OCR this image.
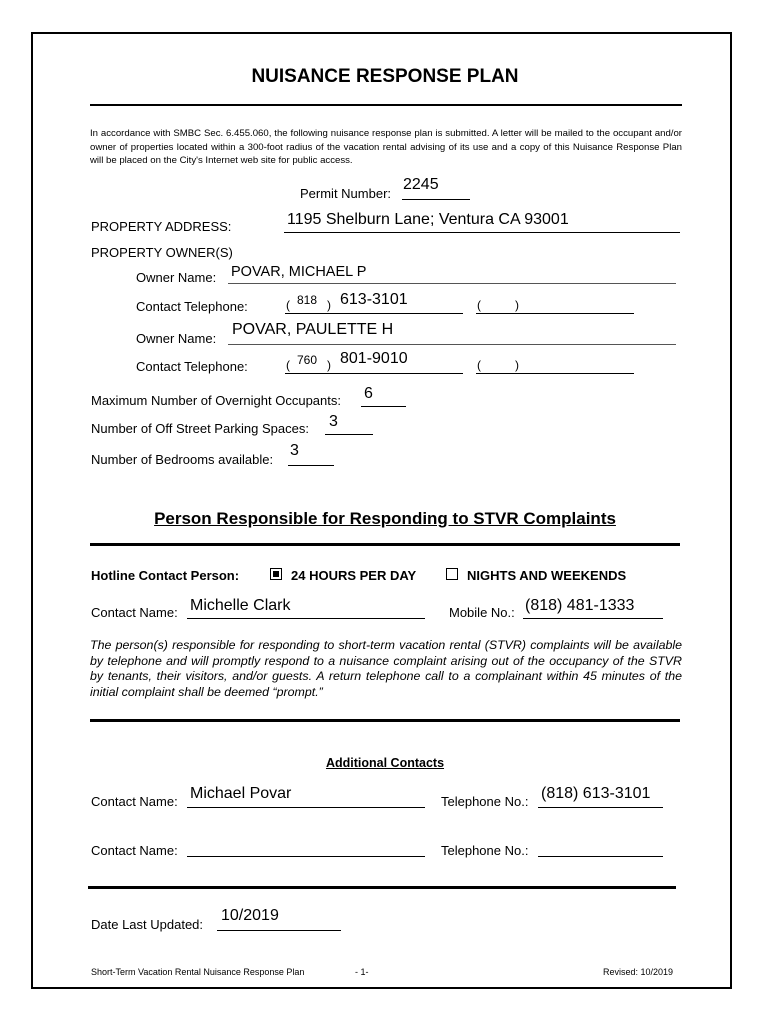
NUISANCE RESPONSE PLAN
In accordance with SMBC Sec. 6.455.060, the following nuisance response plan is submitted. A letter will be mailed to the occupant and/or owner of properties located within a 300-foot radius of the vacation rental advising of its use and a copy of this Nuisance Response Plan will be placed on the City's Internet web site for public access.
Permit Number:
2245
PROPERTY ADDRESS:	1195 Shelburn Lane; Ventura CA 93001
PROPERTY OWNER(S)
Owner Name: POVAR, MICHAEL P
Contact Telephone:	( 818 ) 613-3101	(	)
Owner Name:
POVAR, PAULETTE H
Contact Telephone:	( 760 ) 801-9010	(	)
Maximum Number of Overnight Occupants: 6
Number of Off Street Parking Spaces: 3
Number of Bedrooms available:
3
Person Responsible for Responding to STVR Complaints
Hotline Contact Person:	24 HOURS PER DAY	NIGHTS AND WEEKENDS
Contact Name: Michelle Clark	Mobile No.: (818) 481-1333
The person(s) responsible for responding to short-term vacation rental (STVR) complaints will be available by telephone and will promptly respond to a nuisance complaint arising out of the occupancy of the STVR by tenants, their visitors, and/or guests. A return telephone call to a complainant within 45 minutes of the initial complaint shall be deemed “prompt.”
Additional Contacts
Contact Name: Michael Povar	Telephone No.: (818) 613-3101
Contact Name:	Telephone No.:
Date Last Updated:
10/2019
Short-Term Vacation Rental Nuisance Response Plan	- 1-	Revised: 10/2019
